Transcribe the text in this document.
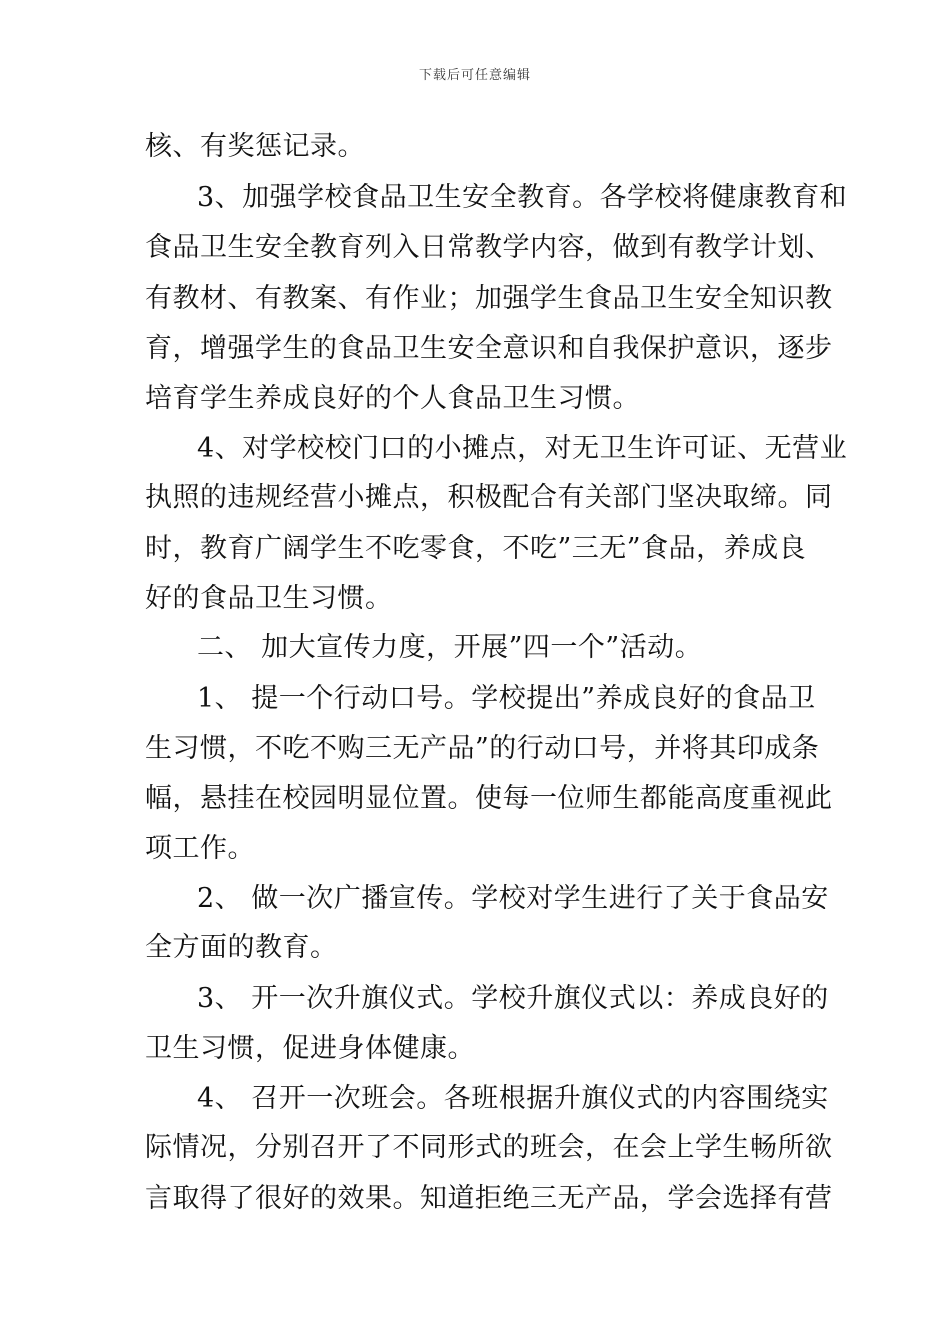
下载后可任意编辑
核、有奖惩记录。
3、加强学校食品卫生安全教育。各学校将健康教育和
食品卫生安全教育列入日常教学内容，做到有教学计划、
有教材、有教案、有作业；加强学生食品卫生安全知识教
育，增强学生的食品卫生安全意识和自我保护意识，逐步
培育学生养成良好的个人食品卫生习惯。
4、对学校校门口的小摊点，对无卫生许可证、无营业
执照的违规经营小摊点，积极配合有关部门坚决取缔。同
时，教育广阔学生不吃零食，不吃”三无”食品，养成良
好的食品卫生习惯。
二、 加大宣传力度，开展”四一个”活动。
1、 提一个行动口号。学校提出”养成良好的食品卫
生习惯，不吃不购三无产品”的行动口号，并将其印成条
幅，悬挂在校园明显位置。使每一位师生都能高度重视此
项工作。
2、 做一次广播宣传。学校对学生进行了关于食品安
全方面的教育。
3、 开一次升旗仪式。学校升旗仪式以：养成良好的
卫生习惯，促进身体健康。
4、 召开一次班会。各班根据升旗仪式的内容围绕实
际情况，分别召开了不同形式的班会，在会上学生畅所欲
言取得了很好的效果。知道拒绝三无产品，学会选择有营
